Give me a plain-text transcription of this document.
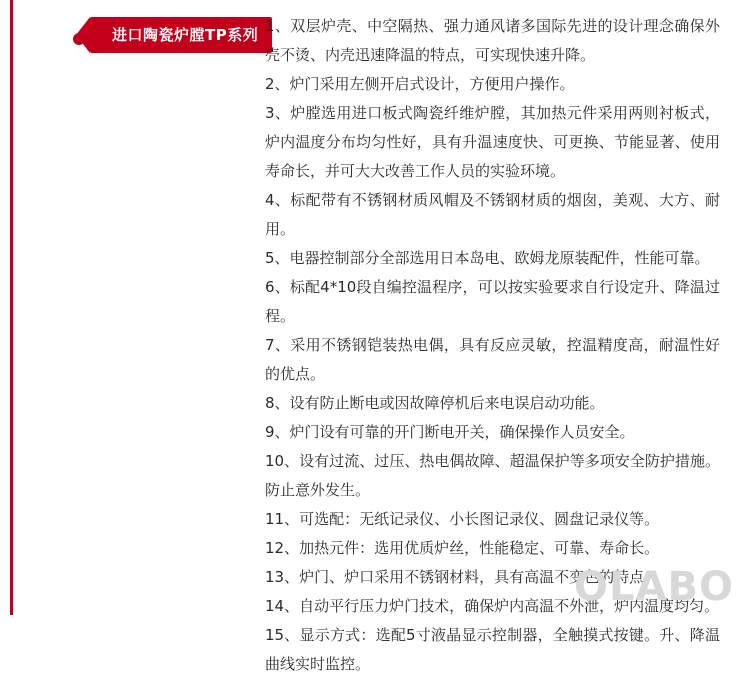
进口陶瓷炉膛TP系列 1、双层炉壳、中空隔热、强力通风诸多国际先进的设计理念确保外壳不烫、内壳迅速降温的特点，可实现快速升降。

2、炉门采用左侧开启式设计，方便用户操作。

3、炉膛选用进口板式陶瓷纤维炉膛，其加热元件采用两则衬板式，炉内温度分布均匀性好，具有升温速度快、可更换、节能显著、使用寿命长，并可大大改善工作人员的实验环境。

4、标配带有不锈钢材质风帽及不锈钢材质的烟囱，美观、大方、耐用。

5、电器控制部分全部选用日本岛电、欧姆龙原装配件，性能可靠。

6、标配4*10段自编控温程序，可以按实验要求自行设定升、降温过程。

7、采用不锈钢铠装热电偶，具有反应灵敏，控温精度高，耐温性好的优点。

8、设有防止断电或因故障停机后来电误启动功能。

9、炉门设有可靠的开门断电开关，确保操作人员安全。

10、设有过流、过压、热电偶故障、超温保护等多项安全防护措施。防止意外发生。

11、可选配：无纸记录仪、小长图记录仪、圆盘记录仪等。

12、加热元件：选用优质炉丝，性能稳定、可靠、寿命长。

13、炉门、炉口采用不锈钢材料，具有高温不变色的特点。

14、自动平行压力炉门技术，确保炉内高温不外泄，炉内温度均匀。

15、显示方式：选配5寸液晶显示控制器，全触摸式按键。升、降温曲线实时监控。

OLABO
